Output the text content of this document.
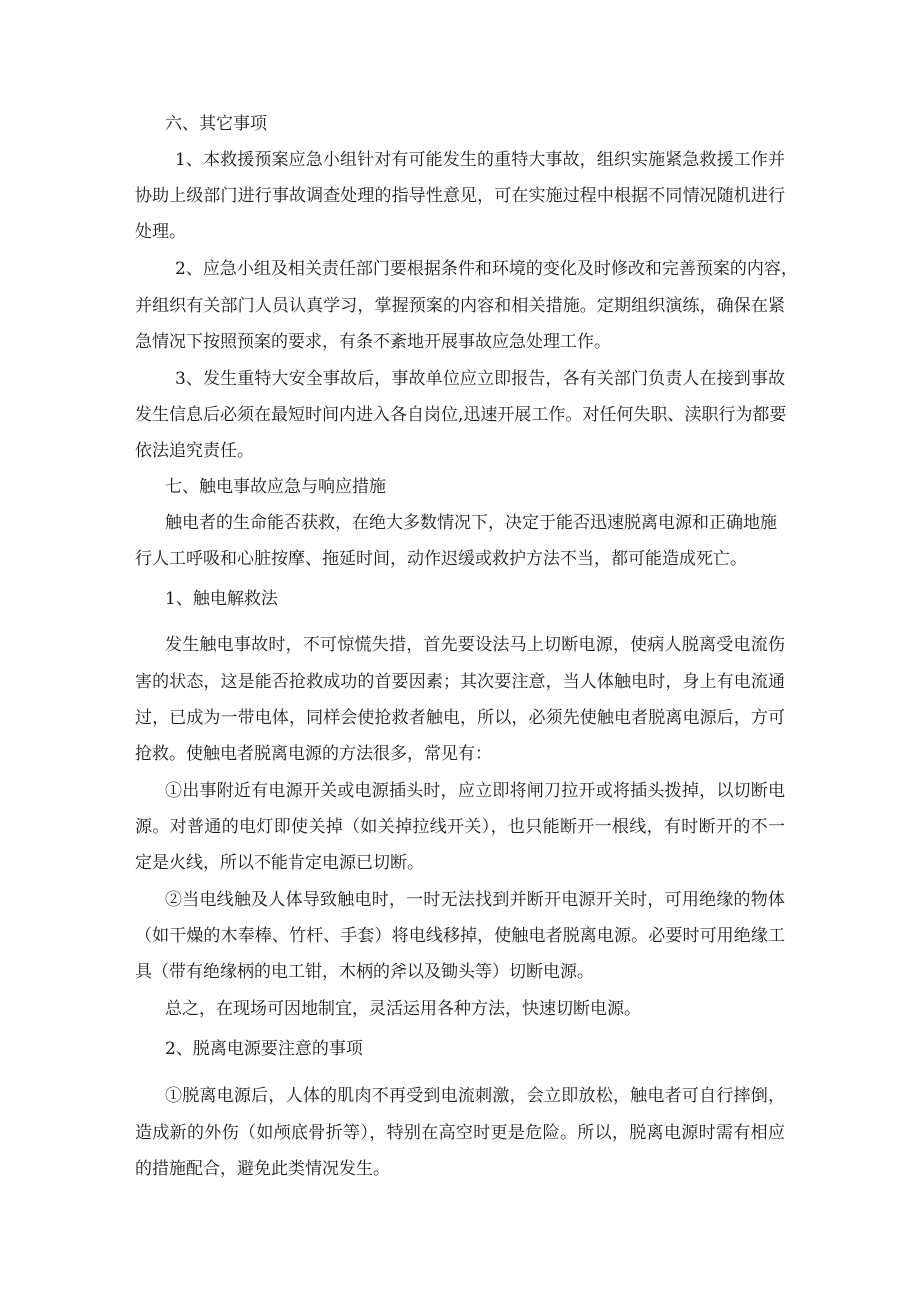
六、其它事项
1、本救援预案应急小组针对有可能发生的重特大事故，组织实施紧急救援工作并
协助上级部门进行事故调查处理的指导性意见，可在实施过程中根据不同情况随机进行
处理。
2、应急小组及相关责任部门要根据条件和环境的变化及时修改和完善预案的内容，
并组织有关部门人员认真学习，掌握预案的内容和相关措施。定期组织演练，确保在紧
急情况下按照预案的要求，有条不紊地开展事故应急处理工作。
3、发生重特大安全事故后，事故单位应立即报告，各有关部门负责人在接到事故
发生信息后必须在最短时间内进入各自岗位,迅速开展工作。对任何失职、渎职行为都要
依法追究责任。
七、触电事故应急与响应措施
触电者的生命能否获救，在绝大多数情况下，决定于能否迅速脱离电源和正确地施
行人工呼吸和心脏按摩、拖延时间，动作迟缓或救护方法不当，都可能造成死亡。
1、触电解救法
发生触电事故时，不可惊慌失措，首先要设法马上切断电源，使病人脱离受电流伤
害的状态，这是能否抢救成功的首要因素；其次要注意，当人体触电时，身上有电流通
过，已成为一带电体，同样会使抢救者触电，所以，必须先使触电者脱离电源后，方可
抢救。使触电者脱离电源的方法很多，常见有：
①出事附近有电源开关或电源插头时，应立即将闸刀拉开或将插头拨掉，以切断电
源。对普通的电灯即使关掉（如关掉拉线开关），也只能断开一根线，有时断开的不一
定是火线，所以不能肯定电源已切断。
②当电线触及人体导致触电时，一时无法找到并断开电源开关时，可用绝缘的物体
（如干燥的木奉棒、竹杆、手套）将电线移掉，使触电者脱离电源。必要时可用绝缘工
具（带有绝缘柄的电工钳，木柄的斧以及锄头等）切断电源。
总之，在现场可因地制宜，灵活运用各种方法，快速切断电源。
2、脱离电源要注意的事项
①脱离电源后，人体的肌肉不再受到电流刺激，会立即放松，触电者可自行摔倒，
造成新的外伤（如颅底骨折等），特别在高空时更是危险。所以，脱离电源时需有相应
的措施配合，避免此类情况发生。
